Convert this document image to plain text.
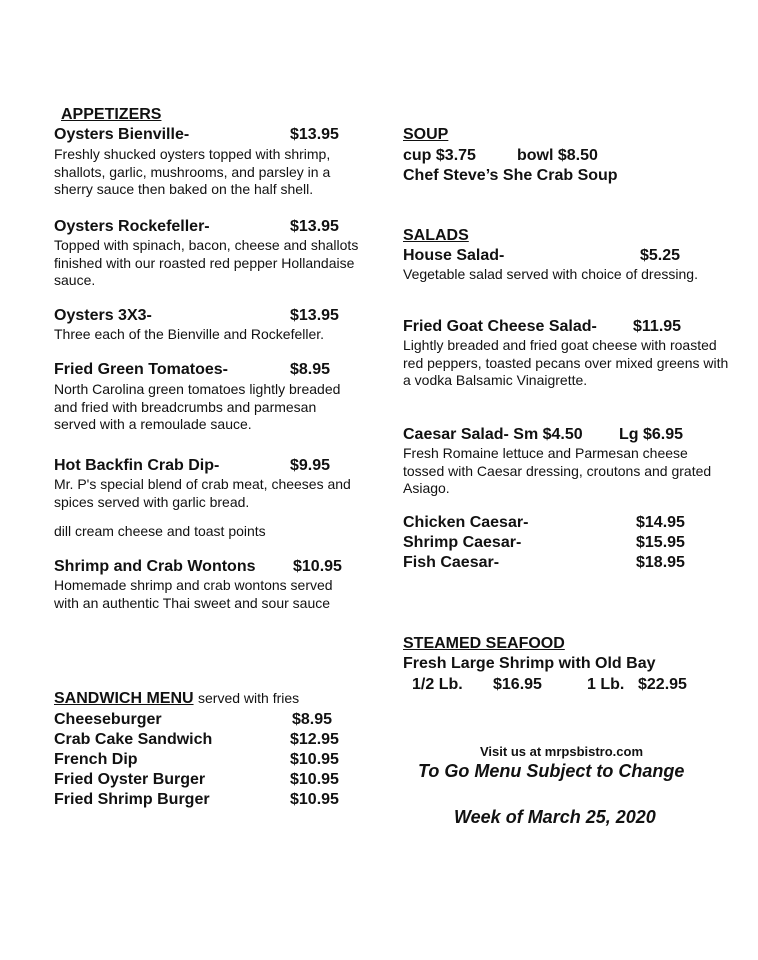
APPETIZERS
Oysters Bienville-	$13.95
Freshly shucked oysters topped with shrimp, shallots, garlic, mushrooms, and parsley in a sherry sauce then baked on the half shell.
Oysters Rockefeller-	$13.95
Topped with spinach, bacon, cheese and shallots finished with our roasted red pepper Hollandaise sauce.
Oysters 3X3-	$13.95
Three each of the Bienville and Rockefeller.
Fried Green Tomatoes-	$8.95
North Carolina green tomatoes lightly breaded and fried with breadcrumbs and parmesan served with a remoulade sauce.
Hot Backfin Crab Dip-	$9.95
Mr. P's special blend of crab meat, cheeses and spices served with garlic bread.
dill cream cheese and toast points
Shrimp and Crab Wontons $10.95
Homemade shrimp and crab wontons served with an authentic Thai sweet and sour sauce
SANDWICH MENU served with fries
Cheeseburger	$8.95
Crab Cake Sandwich	$12.95
French Dip	$10.95
Fried Oyster Burger	$10.95
Fried Shrimp Burger	$10.95
SOUP
cup $3.75	bowl $8.50
Chef Steve’s She Crab Soup
SALADS
House Salad-	$5.25
Vegetable salad served with choice of dressing.
Fried Goat Cheese Salad- $11.95
Lightly breaded and fried goat cheese with roasted red peppers, toasted pecans over mixed greens with a vodka Balsamic Vinaigrette.
Caesar Salad- Sm $4.50 Lg $6.95
Fresh Romaine lettuce and Parmesan cheese tossed with Caesar dressing, croutons and grated Asiago.
Chicken Caesar-	$14.95
Shrimp Caesar-	$15.95
Fish Caesar-	$18.95
STEAMED SEAFOOD
Fresh Large Shrimp with Old Bay
1/2 Lb. $16.95	1 Lb. $22.95
Visit us at mrpsbistro.com
To Go Menu Subject to Change
Week of March 25, 2020
